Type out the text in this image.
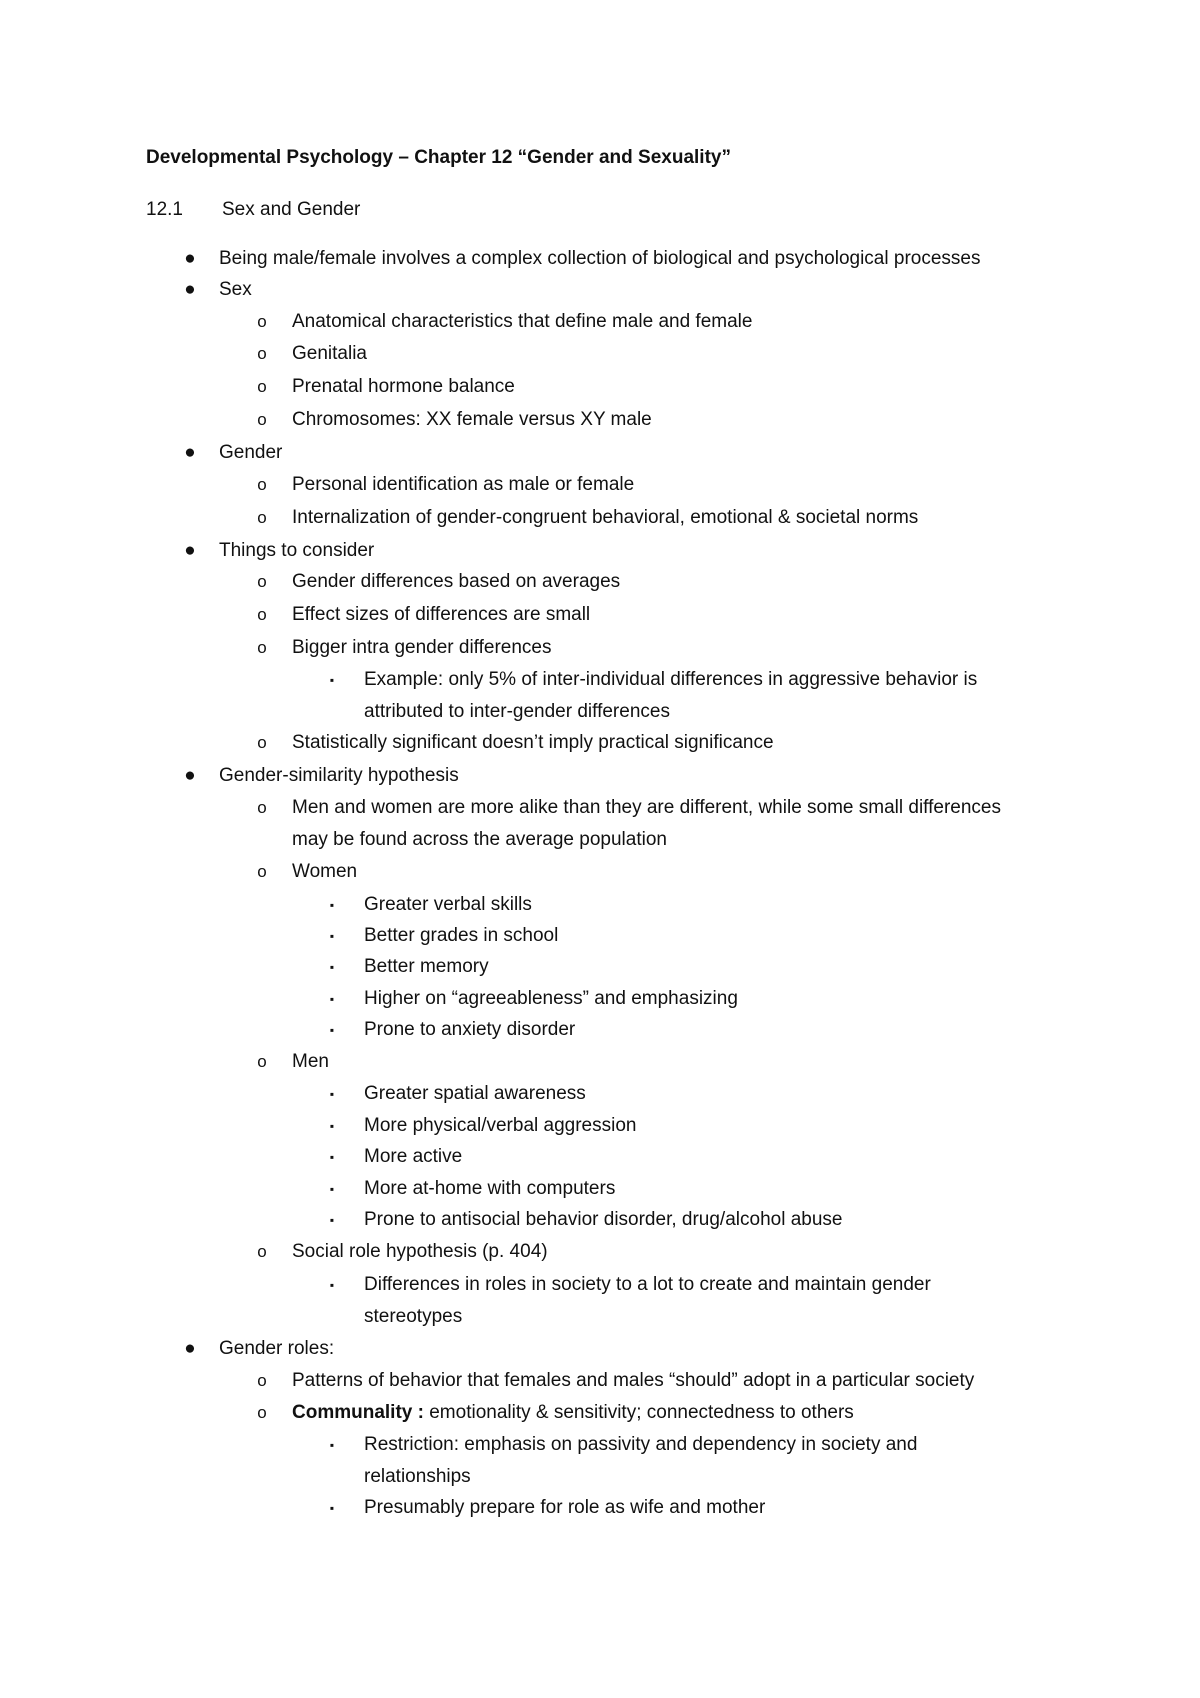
Developmental Psychology – Chapter 12 “Gender and Sexuality”
12.1 Sex and Gender
● Being male/female involves a complex collection of biological and psychological processes
● Sex
o Anatomical characteristics that define male and female
o Genitalia
o Prenatal hormone balance
o Chromosomes: XX female versus XY male
● Gender
o Personal identification as male or female
o Internalization of gender-congruent behavioral, emotional & societal norms
● Things to consider
o Gender differences based on averages
o Effect sizes of differences are small
o Bigger intra gender differences
▪	Example: only 5% of inter-individual differences in aggressive behavior is
attributed to inter-gender differences
o Statistically significant doesn’t imply practical significance
● Gender-similarity hypothesis
o Men and women are more alike than they are different, while some small differences
may be found across the average population
o Women
▪	Greater verbal skills
▪	Better grades in school
▪	Better memory
▪	Higher on “agreeableness” and emphasizing
▪	Prone to anxiety disorder
o Men
▪	Greater spatial awareness
▪	More physical/verbal aggression
▪	More active
▪	More at-home with computers
▪	Prone to antisocial behavior disorder, drug/alcohol abuse
o Social role hypothesis (p. 404)
▪	Differences in roles in society to a lot to create and maintain gender
stereotypes
● Gender roles:
o Patterns of behavior that females and males “should” adopt in a particular society
o Communality : emotionality & sensitivity; connectedness to others
▪	Restriction: emphasis on passivity and dependency in society and
relationships
▪	Presumably prepare for role as wife and mother
